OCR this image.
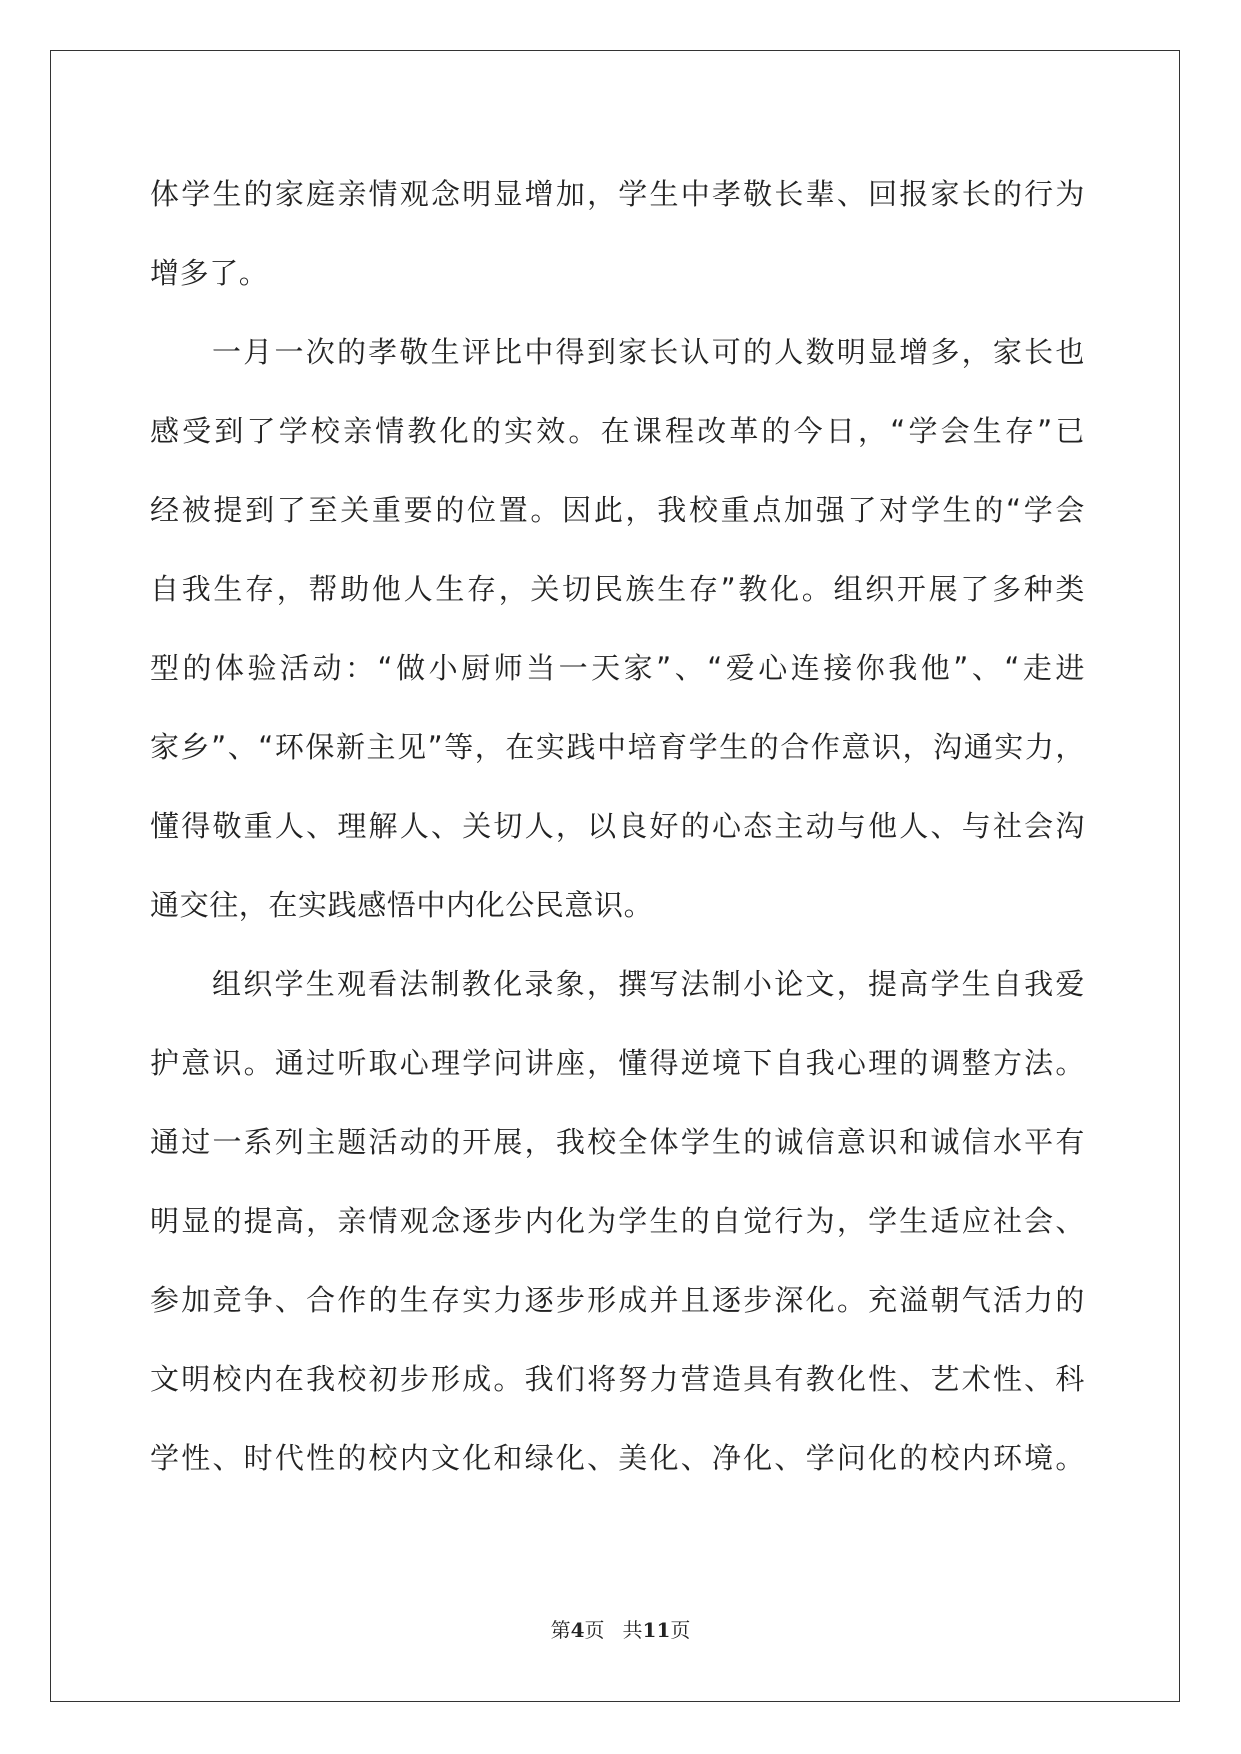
体学生的家庭亲情观念明显增加，学生中孝敬长辈、回报家长的行为
增多了。
一月一次的孝敬生评比中得到家长认可的人数明显增多，家长也
感受到了学校亲情教化的实效。在课程改革的今日，“学会生存”已
经被提到了至关重要的位置。因此，我校重点加强了对学生的“学会
自我生存，帮助他人生存，关切民族生存”教化。组织开展了多种类
型的体验活动：“做小厨师当一天家”、“爱心连接你我他”、“走进
家乡”、“环保新主见”等，在实践中培育学生的合作意识，沟通实力，
懂得敬重人、理解人、关切人，以良好的心态主动与他人、与社会沟
通交往，在实践感悟中内化公民意识。
组织学生观看法制教化录象，撰写法制小论文，提高学生自我爱
护意识。通过听取心理学问讲座，懂得逆境下自我心理的调整方法。
通过一系列主题活动的开展，我校全体学生的诚信意识和诚信水平有
明显的提高，亲情观念逐步内化为学生的自觉行为，学生适应社会、
参加竞争、合作的生存实力逐步形成并且逐步深化。充溢朝气活力的
文明校内在我校初步形成。我们将努力营造具有教化性、艺术性、科
学性、时代性的校内文化和绿化、美化、净化、学问化的校内环境。
第4页 共11页
